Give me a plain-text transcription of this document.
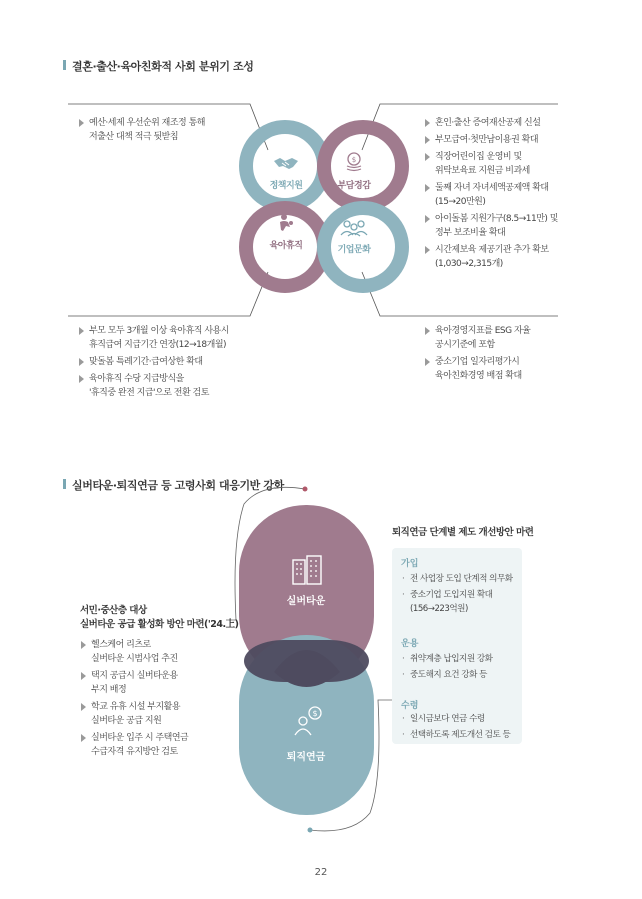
결혼·출산·육아친화적 사회 분위기 조성
정책지원
$
부담경감
육아휴직	기업문화
예산·세제 우선순위 재조정 통해
저출산 대책 적극 뒷받침
혼인·출산 증여재산공제 신설
부모급여·첫만남이용권 확대
직장어린이집 운영비 및
위탁보육료 지원금 비과세
둘째 자녀 자녀세액공제액 확대
(15→20만원)
아이돌봄 지원가구(8.5→11만) 및
정부 보조비율 확대
시간제보육 제공기관 추가 확보
(1,030→2,315개)
부모 모두 3개월 이상 육아휴직 사용시
휴직급여 지급기간 연장(12→18개월)
맞돌봄 특례기간·급여상한 확대
육아휴직 수당 지급방식을
'휴직중 완전 지급'으로 전환 검토
육아경영지표를 ESG 자율
공시기준에 포함
중소기업 일자리평가시
육아친화경영 배점 확대
실버타운·퇴직연금 등 고령사회 대응기반 강화
실버타운
$
퇴직연금
서민·중산층 대상
실버타운 공급 활성화 방안 마련('24.上)
헬스케어 리츠로
실버타운 시범사업 추진
택지 공급시 실버타운용
부지 배정
학교 유휴 시설 부지활용
실버타운 공급 지원
실버타운 입주 시 주택연금
수급자격 유지방안 검토
퇴직연금 단계별 제도 개선방안 마련
가입
· 전 사업장 도입 단계적 의무화
· 중소기업 도입지원 확대
(156→223억원)
운용
· 취약계층 납입지원 강화
· 중도해지 요건 강화 등
수령
· 일시금보다 연금 수령
· 선택하도록 제도개선 검토 등
22
